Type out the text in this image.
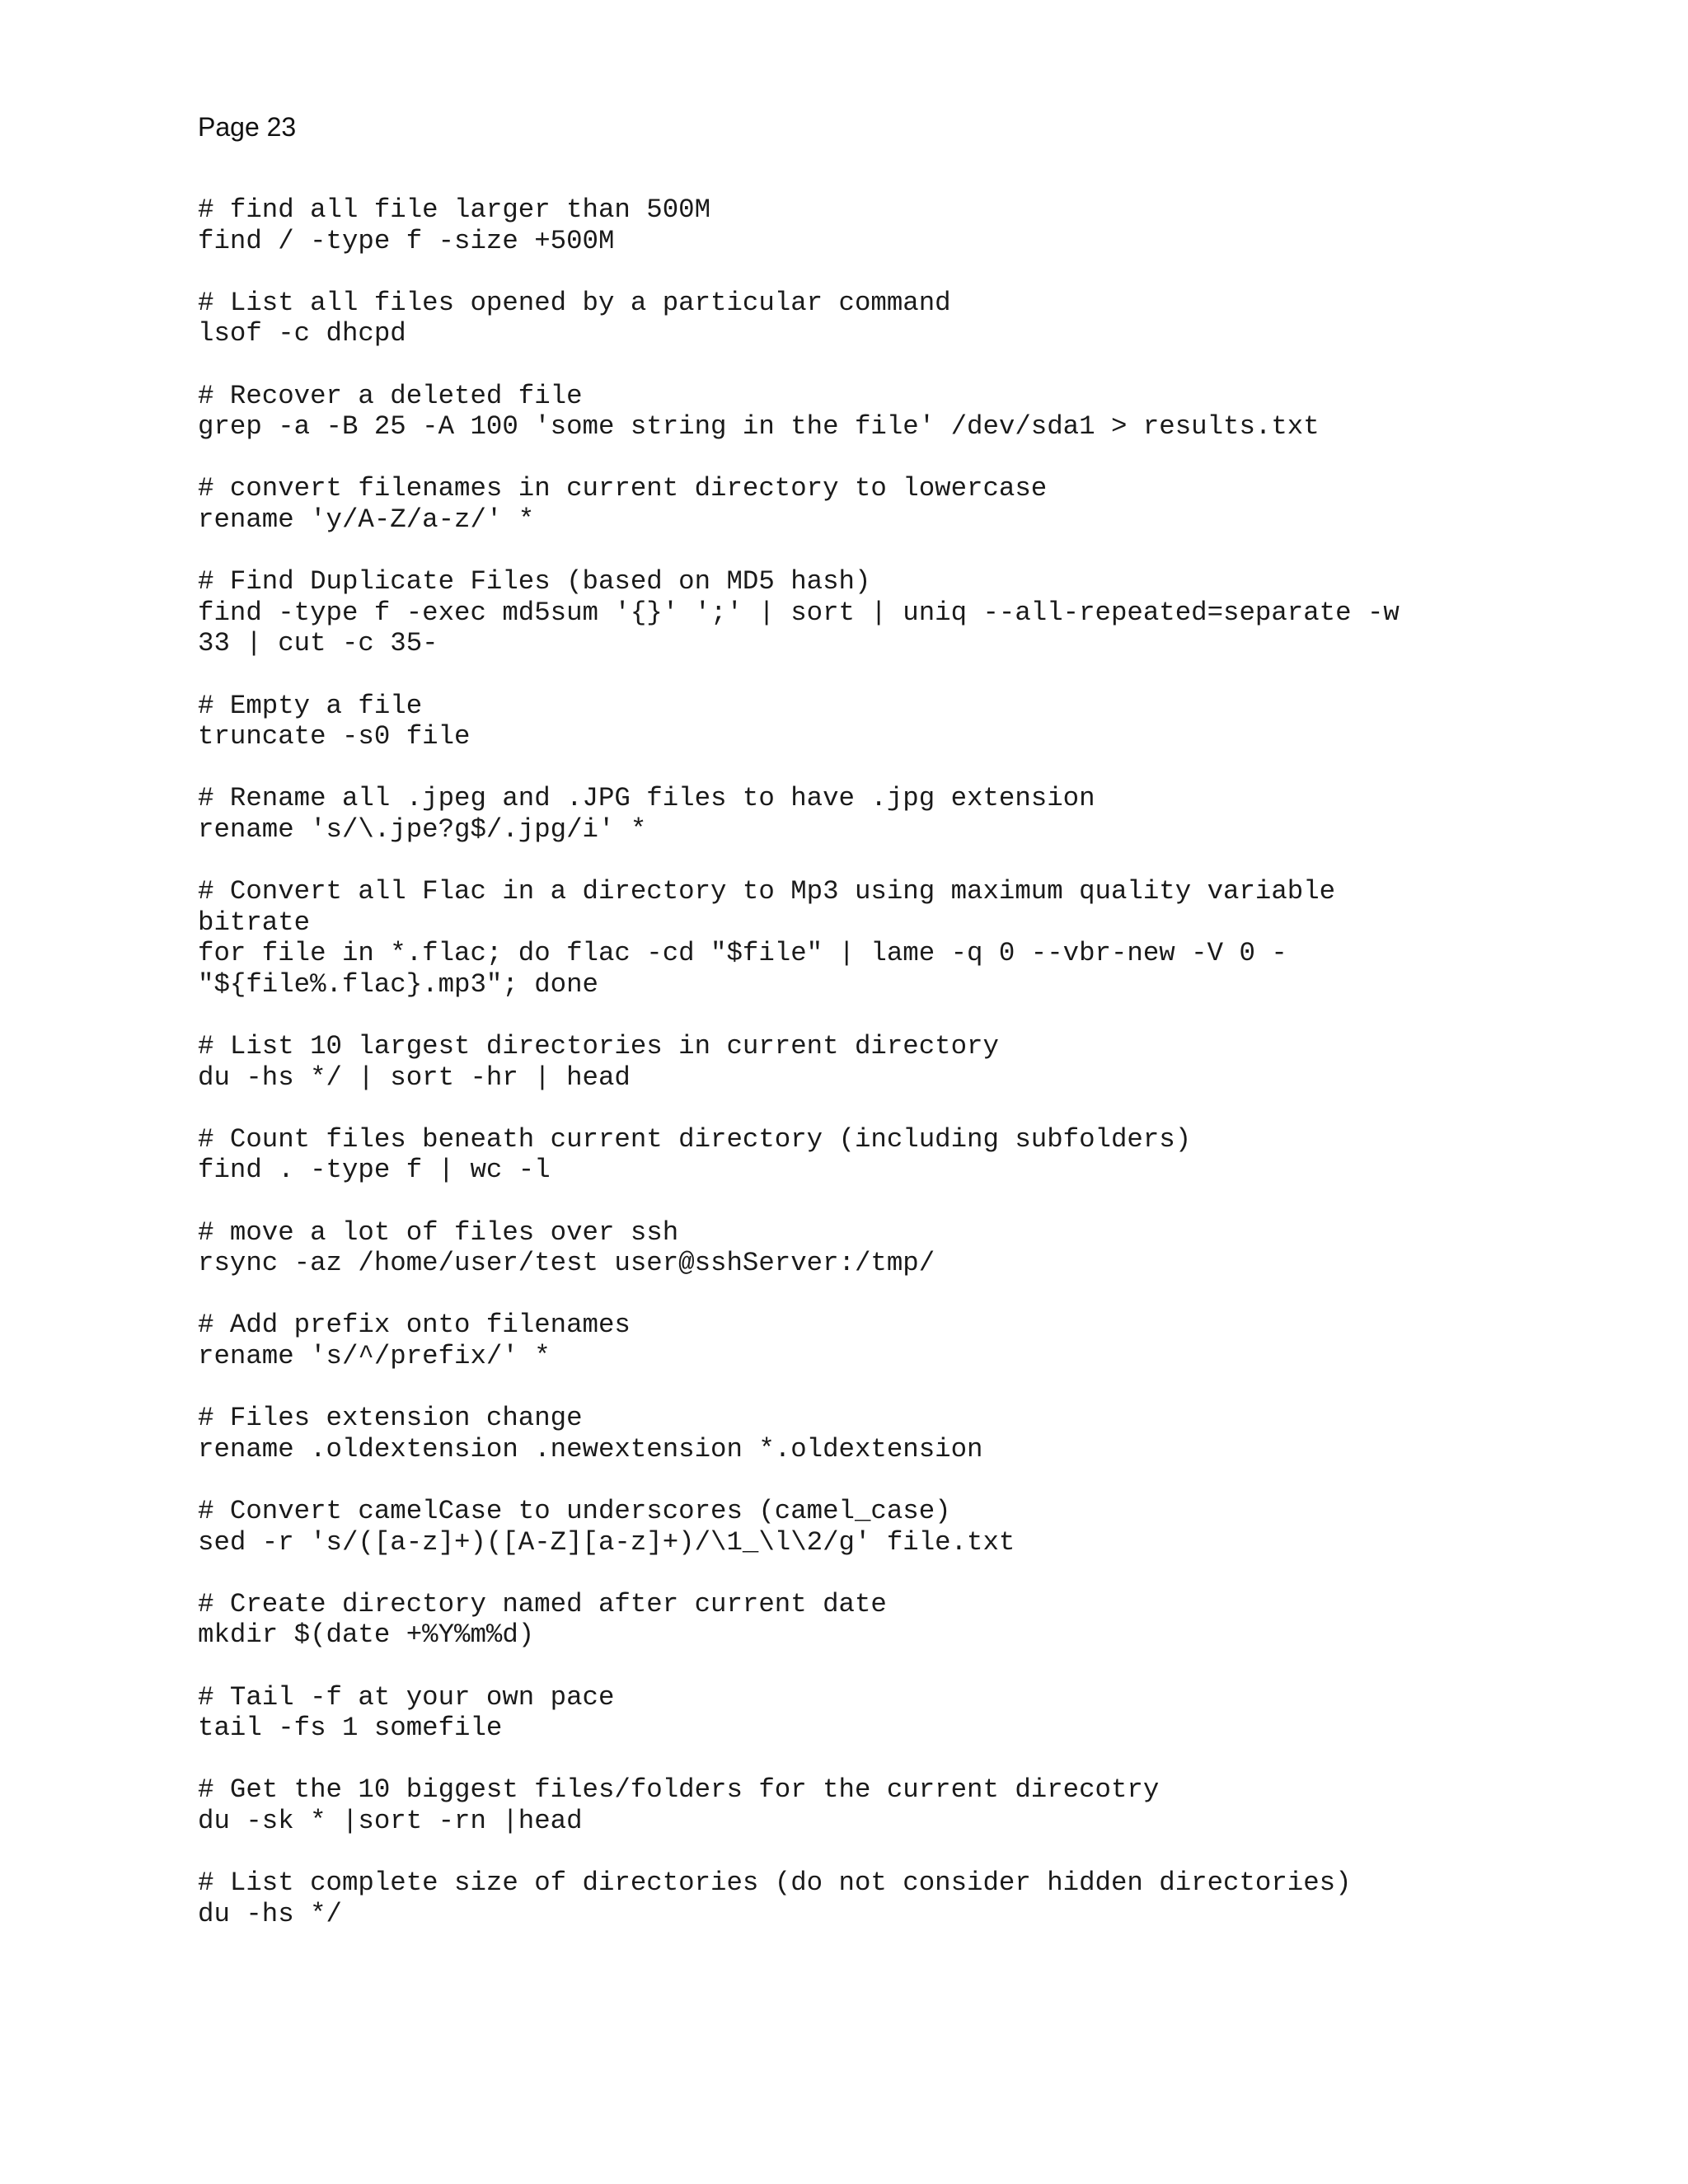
Page 23

# find all file larger than 500M
find / -type f -size +500M
# List all files opened by a particular command
lsof -c dhcpd
# Recover a deleted file
grep -a -B 25 -A 100 'some string in the file' /dev/sda1 > results.txt
# convert filenames in current directory to lowercase
rename 'y/A-Z/a-z/' *
# Find Duplicate Files (based on MD5 hash)
find -type f -exec md5sum '{}' ';' | sort | uniq --all-repeated=separate -w
33 | cut -c 35-
# Empty a file
truncate -s0 file
# Rename all .jpeg and .JPG files to have .jpg extension
rename 's/\.jpe?g$/.jpg/i' *
# Convert all Flac in a directory to Mp3 using maximum quality variable
bitrate
for file in *.flac; do flac -cd "$file" | lame -q 0 --vbr-new -V 0 -
"${file%.flac}.mp3"; done
# List 10 largest directories in current directory
du -hs */ | sort -hr | head
# Count files beneath current directory (including subfolders)
find . -type f | wc -l
# move a lot of files over ssh
rsync -az /home/user/test user@sshServer:/tmp/
# Add prefix onto filenames
rename 's/^/prefix/' *
# Files extension change
rename .oldextension .newextension *.oldextension
# Convert camelCase to underscores (camel_case)
sed -r 's/([a-z]+)([A-Z][a-z]+)/\1_\l\2/g' file.txt
# Create directory named after current date
mkdir $(date +%Y%m%d)
# Tail -f at your own pace
tail -fs 1 somefile
# Get the 10 biggest files/folders for the current direcotry
du -sk * |sort -rn |head
# List complete size of directories (do not consider hidden directories)
du -hs */
